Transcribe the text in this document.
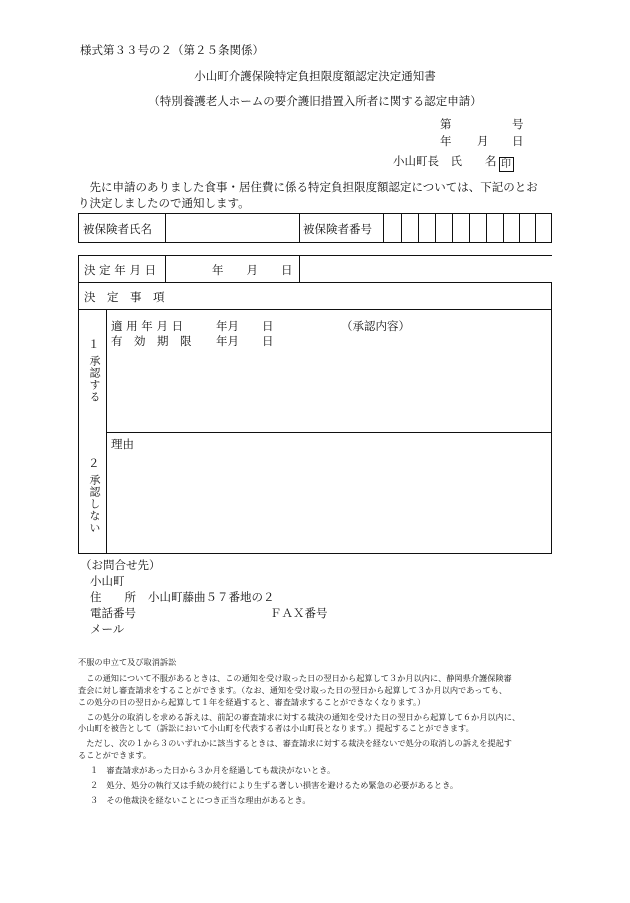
様式第３３号の２（第２５条関係）
小山町介護保険特定負担限度額認定決定通知書
（特別養護老人ホームの要介護旧措置入所者に関する認定申請）
第	号
年 月 日
小山町長　氏　　名 印
　先に申請のありました食事・居住費に係る特定負担限度額認定については、下記のとお
り決定しましたので通知します。
被保険者氏名	被保険者番号
決 定 年 月 日	年　　月　　日
決　定　事　項
１
承認する
適 用 年 月 日	年月　　日	（承認内容）
有　効　期　限 年月　　日
２
承認しない
理由
（お問合せ先）
小山町
住　　所 小山町藤曲５７番地の２
電話番号	ＦＡＸ番号
メール

不服の申立て及び取消訴訟

　この通知について不服があるときは、この通知を受け取った日の翌日から起算して３か月以内に、静岡県介護保険審

査会に対し審査請求をすることができます。（なお、通知を受け取った日の翌日から起算して３か月以内であっても、

この処分の日の翌日から起算して１年を経過すると、審査請求することができなくなります。）

　この処分の取消しを求める訴えは、前記の審査請求に対する裁決の通知を受けた日の翌日から起算して６か月以内に、

小山町を被告として（訴訟において小山町を代表する者は小山町長となります。）提起することができます。

　ただし、次の１から３のいずれかに該当するときは、審査請求に対する裁決を経ないで処分の取消しの訴えを提起す

ることができます。

１　審査請求があった日から３か月を経過しても裁決がないとき。

２　処分、処分の執行又は手続の続行により生ずる著しい損害を避けるため緊急の必要があるとき。

３　その他裁決を経ないことにつき正当な理由があるとき。
